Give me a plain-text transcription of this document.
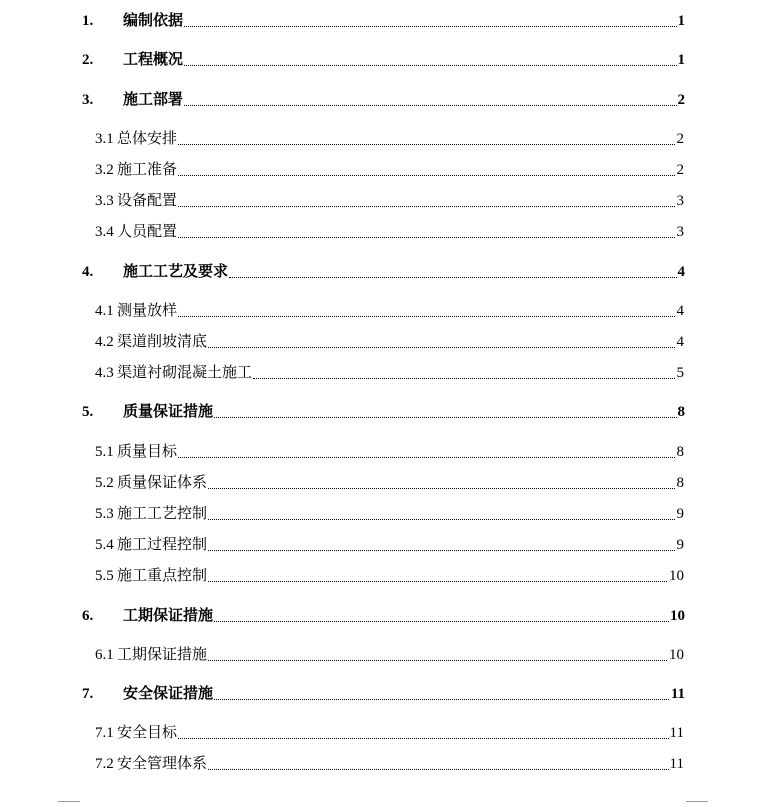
1. 编制依据	1
2. 工程概况	1
3. 施工部署	2
3.1 总体安排	2
3.2 施工准备	2
3.3 设备配置	3
3.4 人员配置	3
4. 施工工艺及要求	4
4.1 测量放样	4
4.2 渠道削坡清底	4
4.3 渠道衬砌混凝土施工	5
5. 质量保证措施	8
5.1 质量目标	8
5.2 质量保证体系	8
5.3 施工工艺控制	9
5.4 施工过程控制	9
5.5 施工重点控制	10
6. 工期保证措施	10
6.1 工期保证措施	10
7. 安全保证措施	11
7.1 安全目标	11
7.2 安全管理体系	11
